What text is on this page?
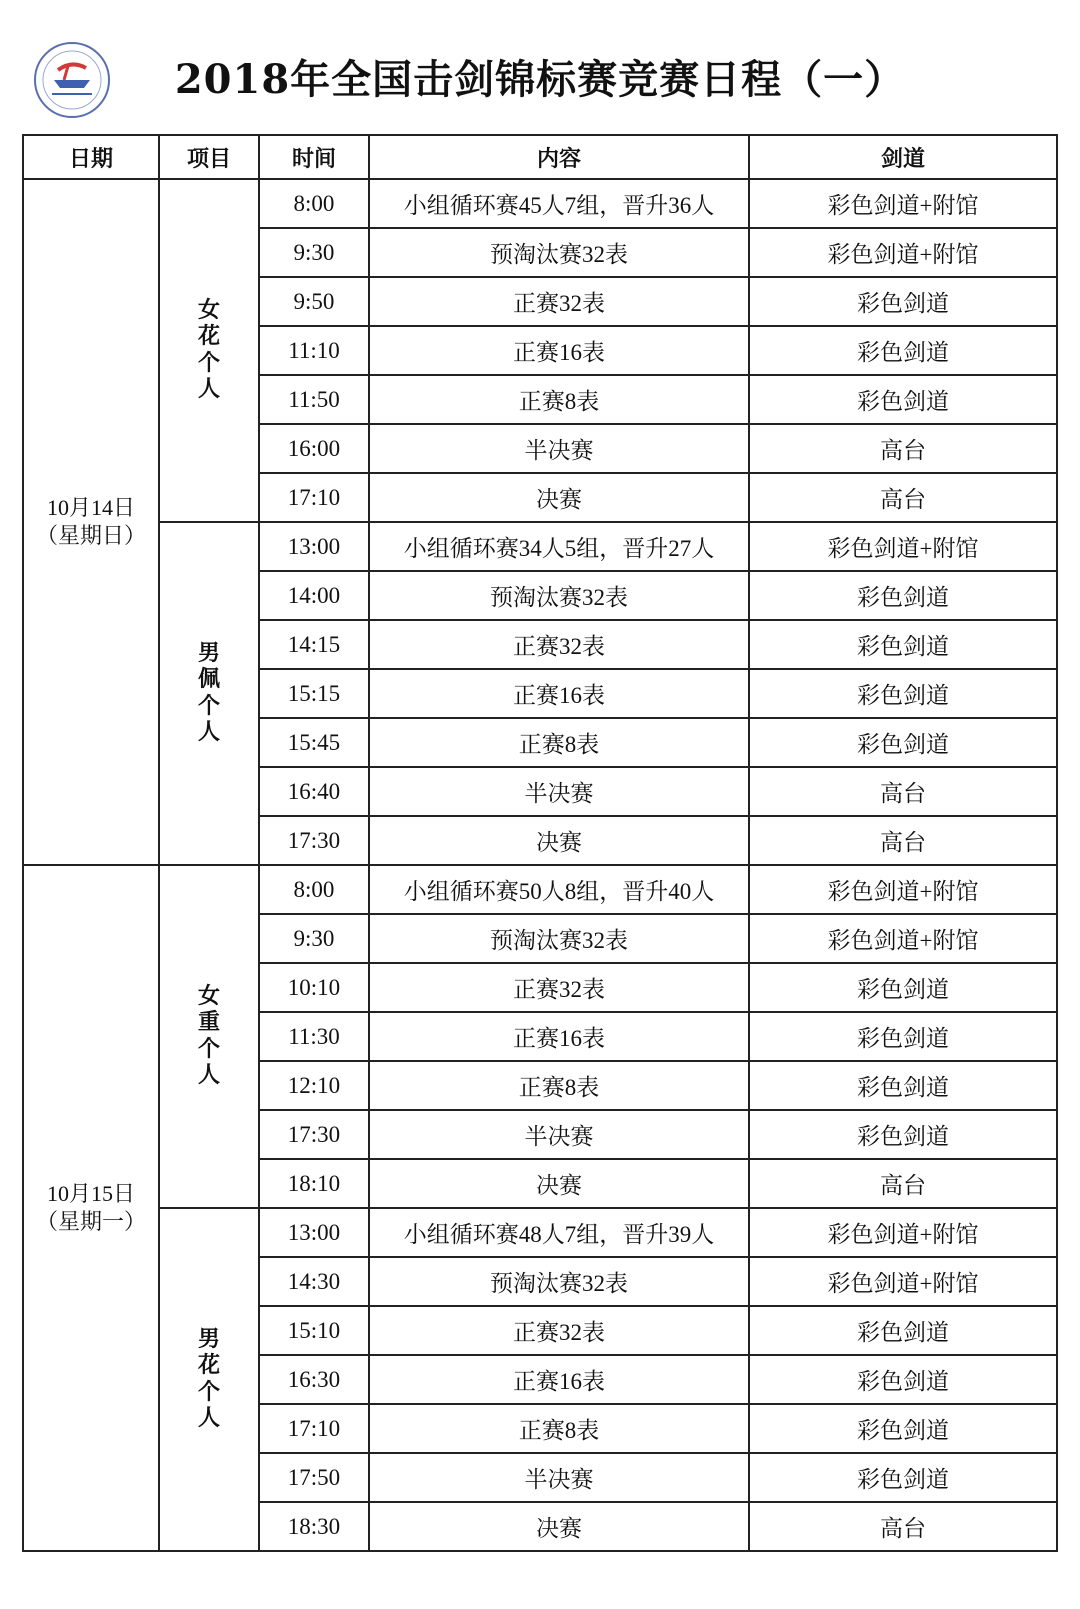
2018年全国击剑锦标赛竞赛日程（一）
日期	项目	时间	内容	剑道

10月14日
（星期日）	女花个人	8:00	小组循环赛45人7组，晋升36人	彩色剑道+附馆
		9:30	预淘汰赛32表	彩色剑道+附馆
		9:50	正赛32表	彩色剑道
		11:10	正赛16表	彩色剑道
		11:50	正赛8表	彩色剑道
		16:00	半决赛	高台
		17:10	决赛	高台
	男佩个人	13:00	小组循环赛34人5组，晋升27人	彩色剑道+附馆
		14:00	预淘汰赛32表	彩色剑道
		14:15	正赛32表	彩色剑道
		15:15	正赛16表	彩色剑道
		15:45	正赛8表	彩色剑道
		16:40	半决赛	高台
		17:30	决赛	高台

10月15日
（星期一）	女重个人	8:00	小组循环赛50人8组，晋升40人	彩色剑道+附馆
		9:30	预淘汰赛32表	彩色剑道+附馆
		10:10	正赛32表	彩色剑道
		11:30	正赛16表	彩色剑道
		12:10	正赛8表	彩色剑道
		17:30	半决赛	彩色剑道
		18:10	决赛	高台
	男花个人	13:00	小组循环赛48人7组，晋升39人	彩色剑道+附馆
		14:30	预淘汰赛32表	彩色剑道+附馆
		15:10	正赛32表	彩色剑道
		16:30	正赛16表	彩色剑道
		17:10	正赛8表	彩色剑道
		17:50	半决赛	彩色剑道
		18:30	决赛	高台
